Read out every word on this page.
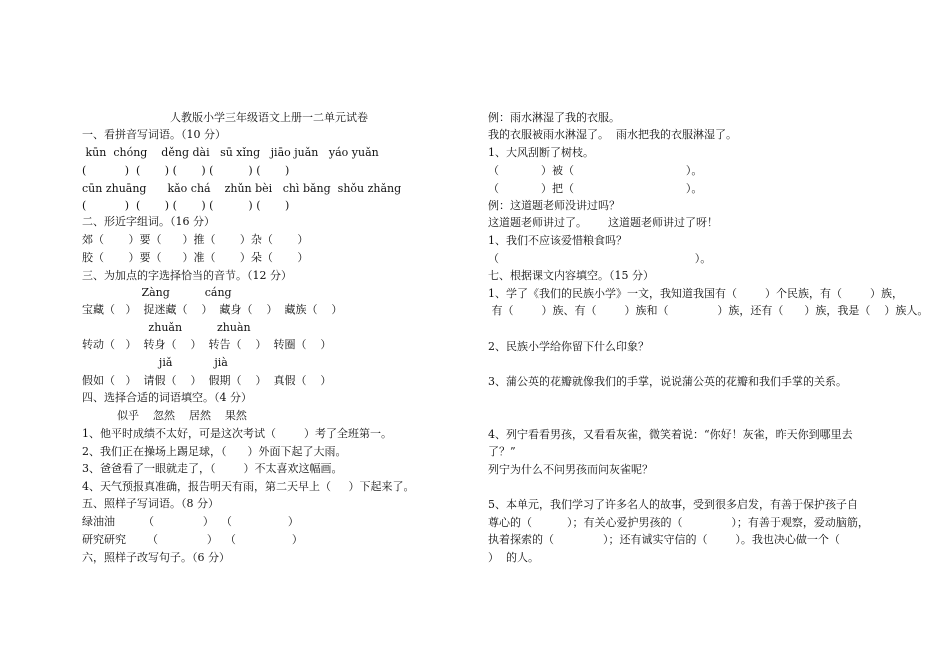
人教版小学三年级语文上册一二单元试卷
一、看拼音写词语。（10 分）
kūn  chóng    děng dài   sū xǐng   jiāo juǎn   yáo yuǎn
(           )  (       ) (       ) (          ) (       )
cūn zhuāng      kǎo chá    zhǔn bèi   chì bǎng  shǒu zhǎng
(           )  (       ) (       ) (          ) (       )
二、形近字组词。（16 分）
郊（       ）要（      ）推（       ）杂（       ）
胶（       ）要（      ）准（       ）朵（       ）
三、为加点的字选择恰当的音节。（12 分）
Zàng          cáng
宝藏（   ）  捉迷藏（    ）  藏身（    ）  藏族（    ）
zhuǎn          zhuàn
转动（   ）  转身（    ）  转告（    ）  转圈（    ）
jiǎ            jià
假如（   ）  请假（    ）  假期（    ）  真假（    ）
四、选择合适的词语填空。（4 分）
似乎    忽然    居然    果然
1、他平时成绩不太好，可是这次考试（        ）考了全班第一。
2、我们正在操场上踢足球，（      ）外面下起了大雨。
3、爸爸看了一眼就走了，（        ）不太喜欢这幅画。
4、天气预报真准确，报告明天有雨，第二天早上（     ）下起来了。
五、照样子写词语。（8 分）
绿油油        （              ）  （                ）
研究研究      （              ）  （                ）
六，照样子改写句子。（6 分）
例：雨水淋湿了我的衣服。
我的衣服被雨水淋湿了。  雨水把我的衣服淋湿了。
1、大风刮断了树枝。
（            ）被（                                ）。
（            ）把（                                ）。
例：这道题老师没讲过吗？
这道题老师讲过了。      这道题老师讲过了呀！
1、我们不应该爱惜粮食吗？
（                                                        ）。
七、根据课文内容填空。（15 分）
1、学了《我们的民族小学》一文，我知道我国有（        ）个民族，有（        ）族，
有（        ）族、有（        ）族和（              ）族，还有（      ）族，我是（    ）族人。
2、民族小学给你留下什么印象？
3、蒲公英的花瓣就像我们的手掌，说说蒲公英的花瓣和我们手掌的关系。
4、列宁看看男孩，又看看灰雀，微笑着说：“你好！灰雀，昨天你到哪里去
了？”
列宁为什么不问男孩而问灰雀呢？
5、本单元，我们学习了许多名人的故事，受到很多启发，有善于保护孩子自
尊心的（          ）；有关心爱护男孩的（              ）；有善于观察，爱动脑筋，
执着探索的（              ）；还有诚实守信的（        ）。我也决心做一个（
）  的人。
